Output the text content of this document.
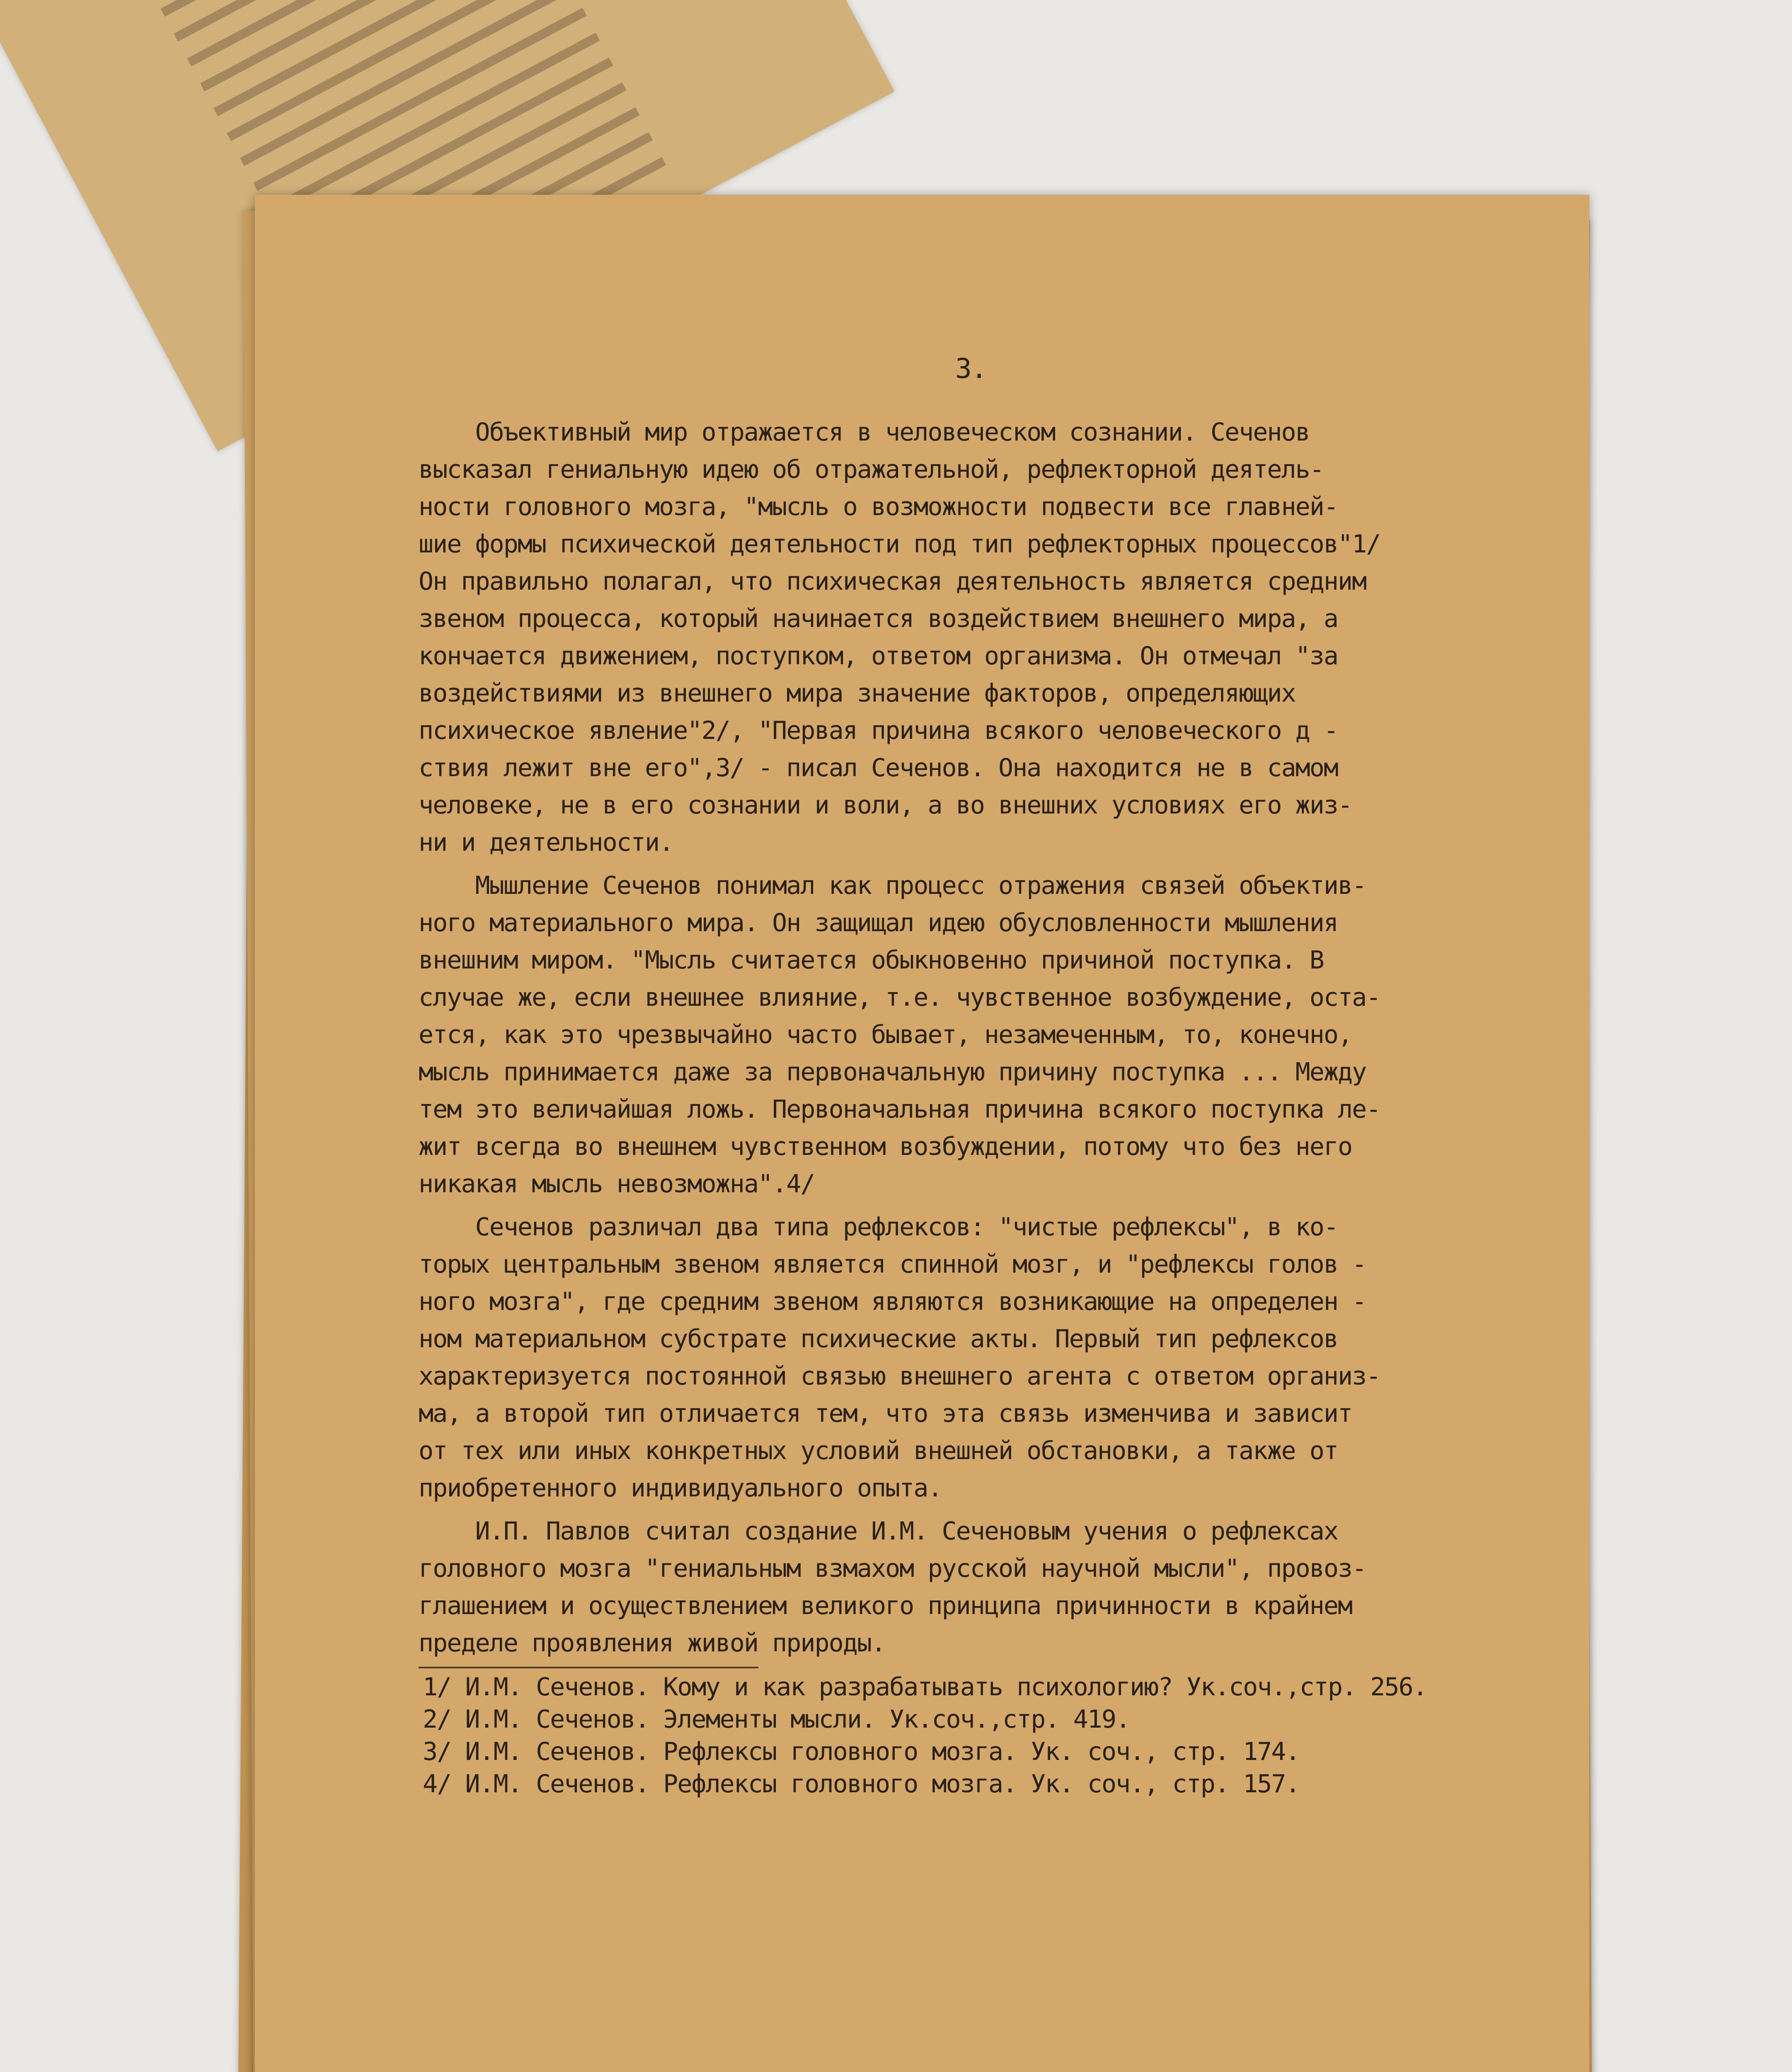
3.
Объективный мир отражается в человеческом сознании. Сеченов
высказал гениальную идею об отражательной, рефлекторной деятель-
ности головного мозга, "мысль о возможности подвести все главней-
шие формы психической деятельности под тип рефлекторных процессов"1/
Он правильно полагал, что психическая деятельность является средним
звеном процесса, который начинается воздействием внешнего мира, а
кончается движением, поступком, ответом организма. Он отмечал "за
воздействиями из внешнего мира значение факторов, определяющих
психическое явление"2/, "Первая причина всякого человеческого д -
ствия лежит вне его",3/ - писал Сеченов. Она находится не в самом
человеке, не в его сознании и воли, а во внешних условиях его жиз-
ни и деятельности.
Мышление Сеченов понимал как процесс отражения связей объектив-
ного материального мира. Он защищал идею обусловленности мышления
внешним миром. "Мысль считается обыкновенно причиной поступка. В
случае же, если внешнее влияние, т.е. чувственное возбуждение, оста-
ется, как это чрезвычайно часто бывает, незамеченным, то, конечно,
мысль принимается даже за первоначальную причину поступка ... Между
тем это величайшая ложь. Первоначальная причина всякого поступка ле-
жит всегда во внешнем чувственном возбуждении, потому что без него
никакая мысль невозможна".4/
Сеченов различал два типа рефлексов: "чистые рефлексы", в ко-
торых центральным звеном является спинной мозг, и "рефлексы голов -
ного мозга", где средним звеном являются возникающие на определен -
ном материальном субстрате психические акты. Первый тип рефлексов
характеризуется постоянной связью внешнего агента с ответом организ-
ма, а второй тип отличается тем, что эта связь изменчива и зависит
от тех или иных конкретных условий внешней обстановки, а также от
приобретенного индивидуального опыта.
И.П. Павлов считал создание И.М. Сеченовым учения о рефлексах
головного мозга "гениальным взмахом русской научной мысли", провоз-
глашением и осуществлением великого принципа причинности в крайнем
пределе проявления живой природы.
1/ И.М. Сеченов. Кому и как разрабатывать психологию? Ук.соч.,стр. 256.
2/ И.М. Сеченов. Элементы мысли. Ук.соч.,стр. 419.
3/ И.М. Сеченов. Рефлексы головного мозга. Ук. соч., стр. 174.
4/ И.М. Сеченов. Рефлексы головного мозга. Ук. соч., стр. 157.
